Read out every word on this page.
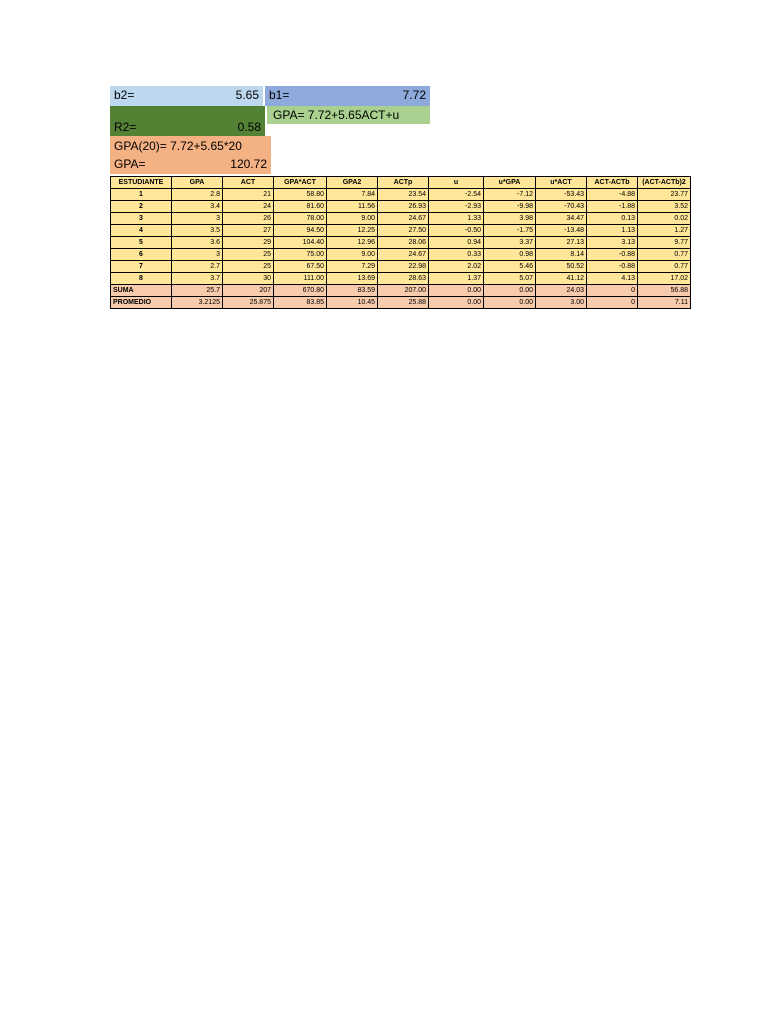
b2=	5.65 b1=	7.72
GPA= 7.72+5.65ACT+u
R2=	0.58
GPA(20)= 7.72+5.65*20
GPA=	120.72
ESTUDIANTE	GPA	ACT	GPA*ACT	GPA2	ACTp	u	u*GPA	u*ACT	ACT-ACTb	(ACT-ACTb)2
1	2.8	21	58.80	7.84	23.54	-2.54	-7.12	-53.43	-4.88	23.77
2	3.4	24	81.60	11.56	26.93	-2.93	-9.98	-70.43	-1.88	3.52
3	3	26	78.00	9.00	24.67	1.33	3.98	34.47	0.13	0.02
4	3.5	27	94.50	12.25	27.50	-0.50	-1.75	-13.48	1.13	1.27
5	3.6	29	104.40	12.96	28.06	0.94	3.37	27.13	3.13	9.77
6	3	25	75.00	9.00	24.67	0.33	0.98	8.14	-0.88	0.77
7	2.7	25	67.50	7.29	22.98	2.02	5.46	50.52	-0.88	0.77
8	3.7	30	111.00	13.69	28.63	1.37	5.07	41.12	4.13	17.02
SUMA	25.7	207	670.80	83.59	207.00	0.00	0.00	24.03	0	56.88
PROMEDIO	3.2125	25.875	83.85	10.45	25.88	0.00	0.00	3.00	0	7.11
